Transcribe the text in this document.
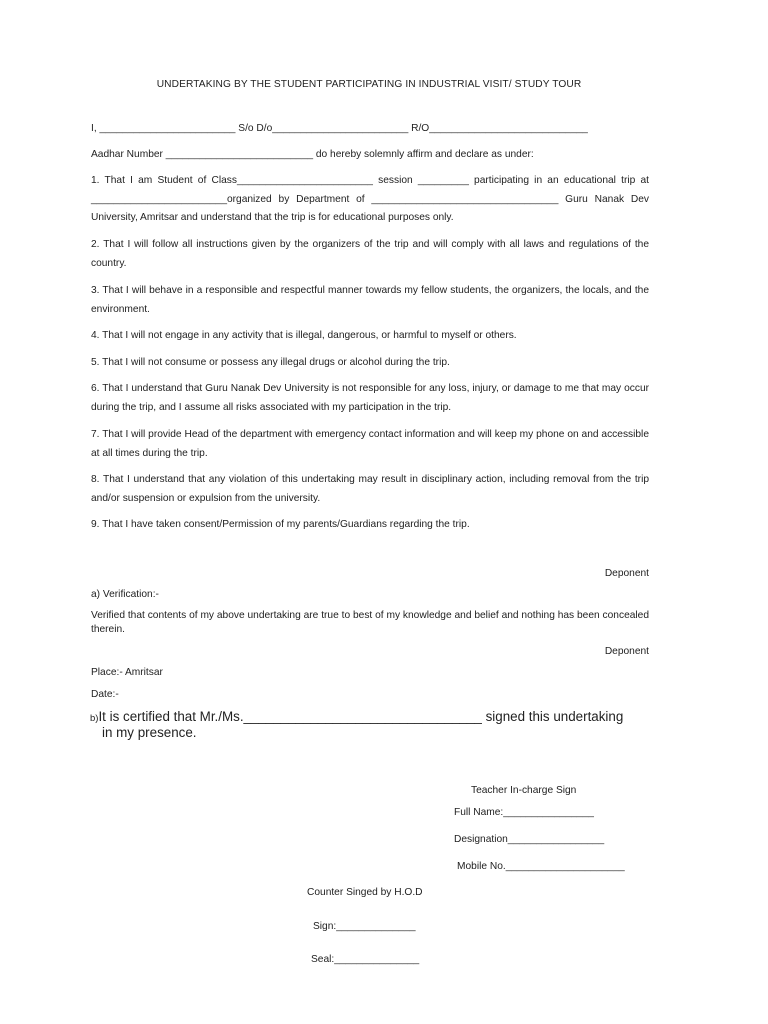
UNDERTAKING BY THE STUDENT PARTICIPATING IN INDUSTRIAL VISIT/ STUDY TOUR

I, ________________________ S/o D/o________________________ R/O____________________________

Aadhar Number __________________________ do hereby solemnly affirm and declare as under:

1. That I am Student of Class________________________ session _________ participating in an educational trip at ________________________organized by Department of _________________________________ Guru Nanak Dev University, Amritsar and understand that the trip is for educational purposes only.

2. That I will follow all instructions given by the organizers of the trip and will comply with all laws and regulations of the country.

3. That I will behave in a responsible and respectful manner towards my fellow students, the organizers, the locals, and the environment.

4. That I will not engage in any activity that is illegal, dangerous, or harmful to myself or others.

5. That I will not consume or possess any illegal drugs or alcohol during the trip.

6. That I understand that Guru Nanak Dev University is not responsible for any loss, injury, or damage to me that may occur during the trip, and I assume all risks associated with my participation in the trip.

7. That I will provide Head of the department with emergency contact information and will keep my phone on and accessible at all times during the trip.

8. That I understand that any violation of this undertaking may result in disciplinary action, including removal from the trip and/or suspension or expulsion from the university.

9. That I have taken consent/Permission of my parents/Guardians regarding the trip.

Deponent

a) Verification:-

Verified that contents of my above undertaking are true to best of my knowledge and belief and nothing has been concealed therein.

Deponent

Place:- Amritsar

Date:-

b)It is certified that Mr./Ms.________________________________ signed this undertaking

in my presence.

Teacher In-charge Sign

Full Name:________________

Designation_________________

Mobile No._____________________

Counter Singed by H.O.D

Sign:______________

Seal:_______________
